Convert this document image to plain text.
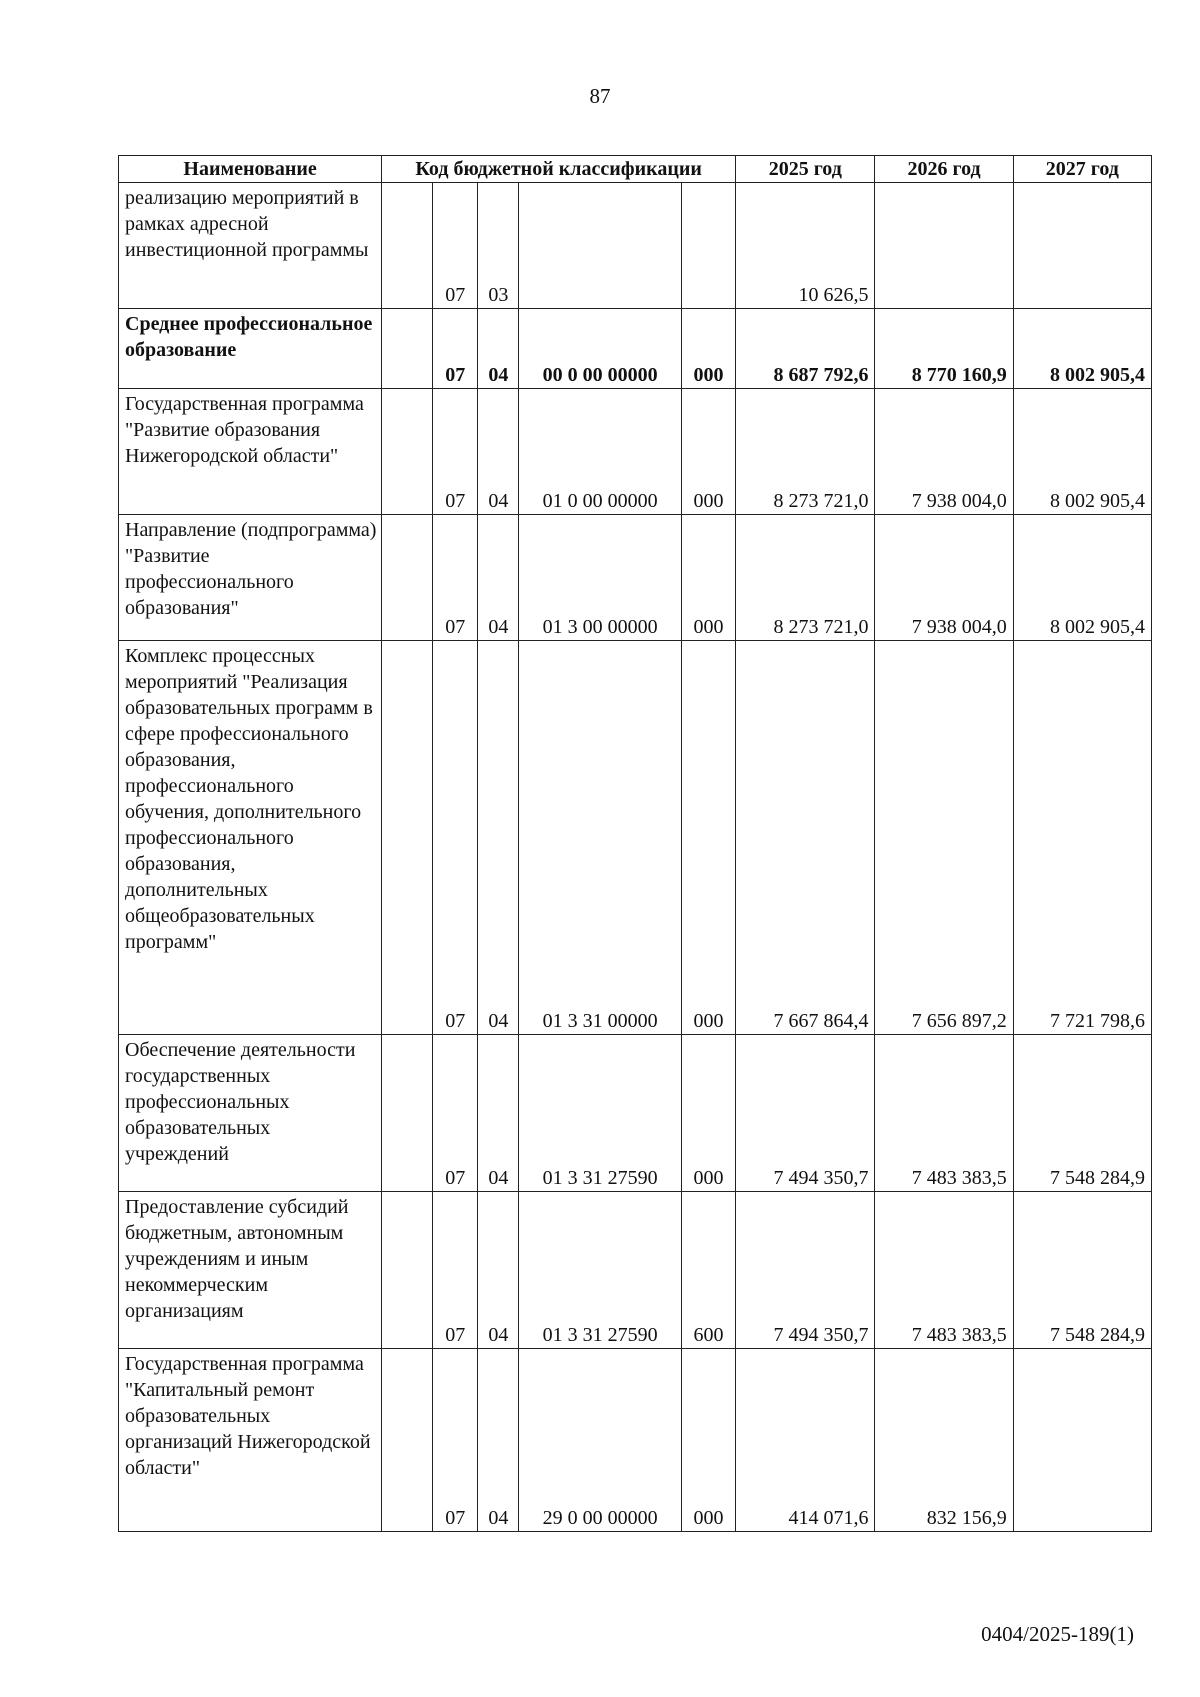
87
Наименование	Код бюджетной классификации					2025 год	2026 год	2027 год
реализацию мероприятий в рамках адресной инвестиционной программы		07	03			10 626,5		
Среднее профессиональное образование		07	04	00 0 00 00000	000	8 687 792,6	8 770 160,9	8 002 905,4
Государственная программа "Развитие образования Нижегородской области"		07	04	01 0 00 00000	000	8 273 721,0	7 938 004,0	8 002 905,4
Направление (подпрограмма) "Развитие профессионального образования"		07	04	01 3 00 00000	000	8 273 721,0	7 938 004,0	8 002 905,4
Комплекс процессных мероприятий "Реализация образовательных программ в сфере профессионального образования, профессионального обучения, дополнительного профессионального образования, дополнительных общеобразовательных программ"		07	04	01 3 31 00000	000	7 667 864,4	7 656 897,2	7 721 798,6
Обеспечение деятельности государственных профессиональных образовательных учреждений		07	04	01 3 31 27590	000	7 494 350,7	7 483 383,5	7 548 284,9
Предоставление субсидий бюджетным, автономным учреждениям и иным некоммерческим организациям		07	04	01 3 31 27590	600	7 494 350,7	7 483 383,5	7 548 284,9
Государственная программа "Капитальный ремонт образовательных организаций Нижегородской области"		07	04	29 0 00 00000	000	414 071,6	832 156,9	
0404/2025-189(1)
